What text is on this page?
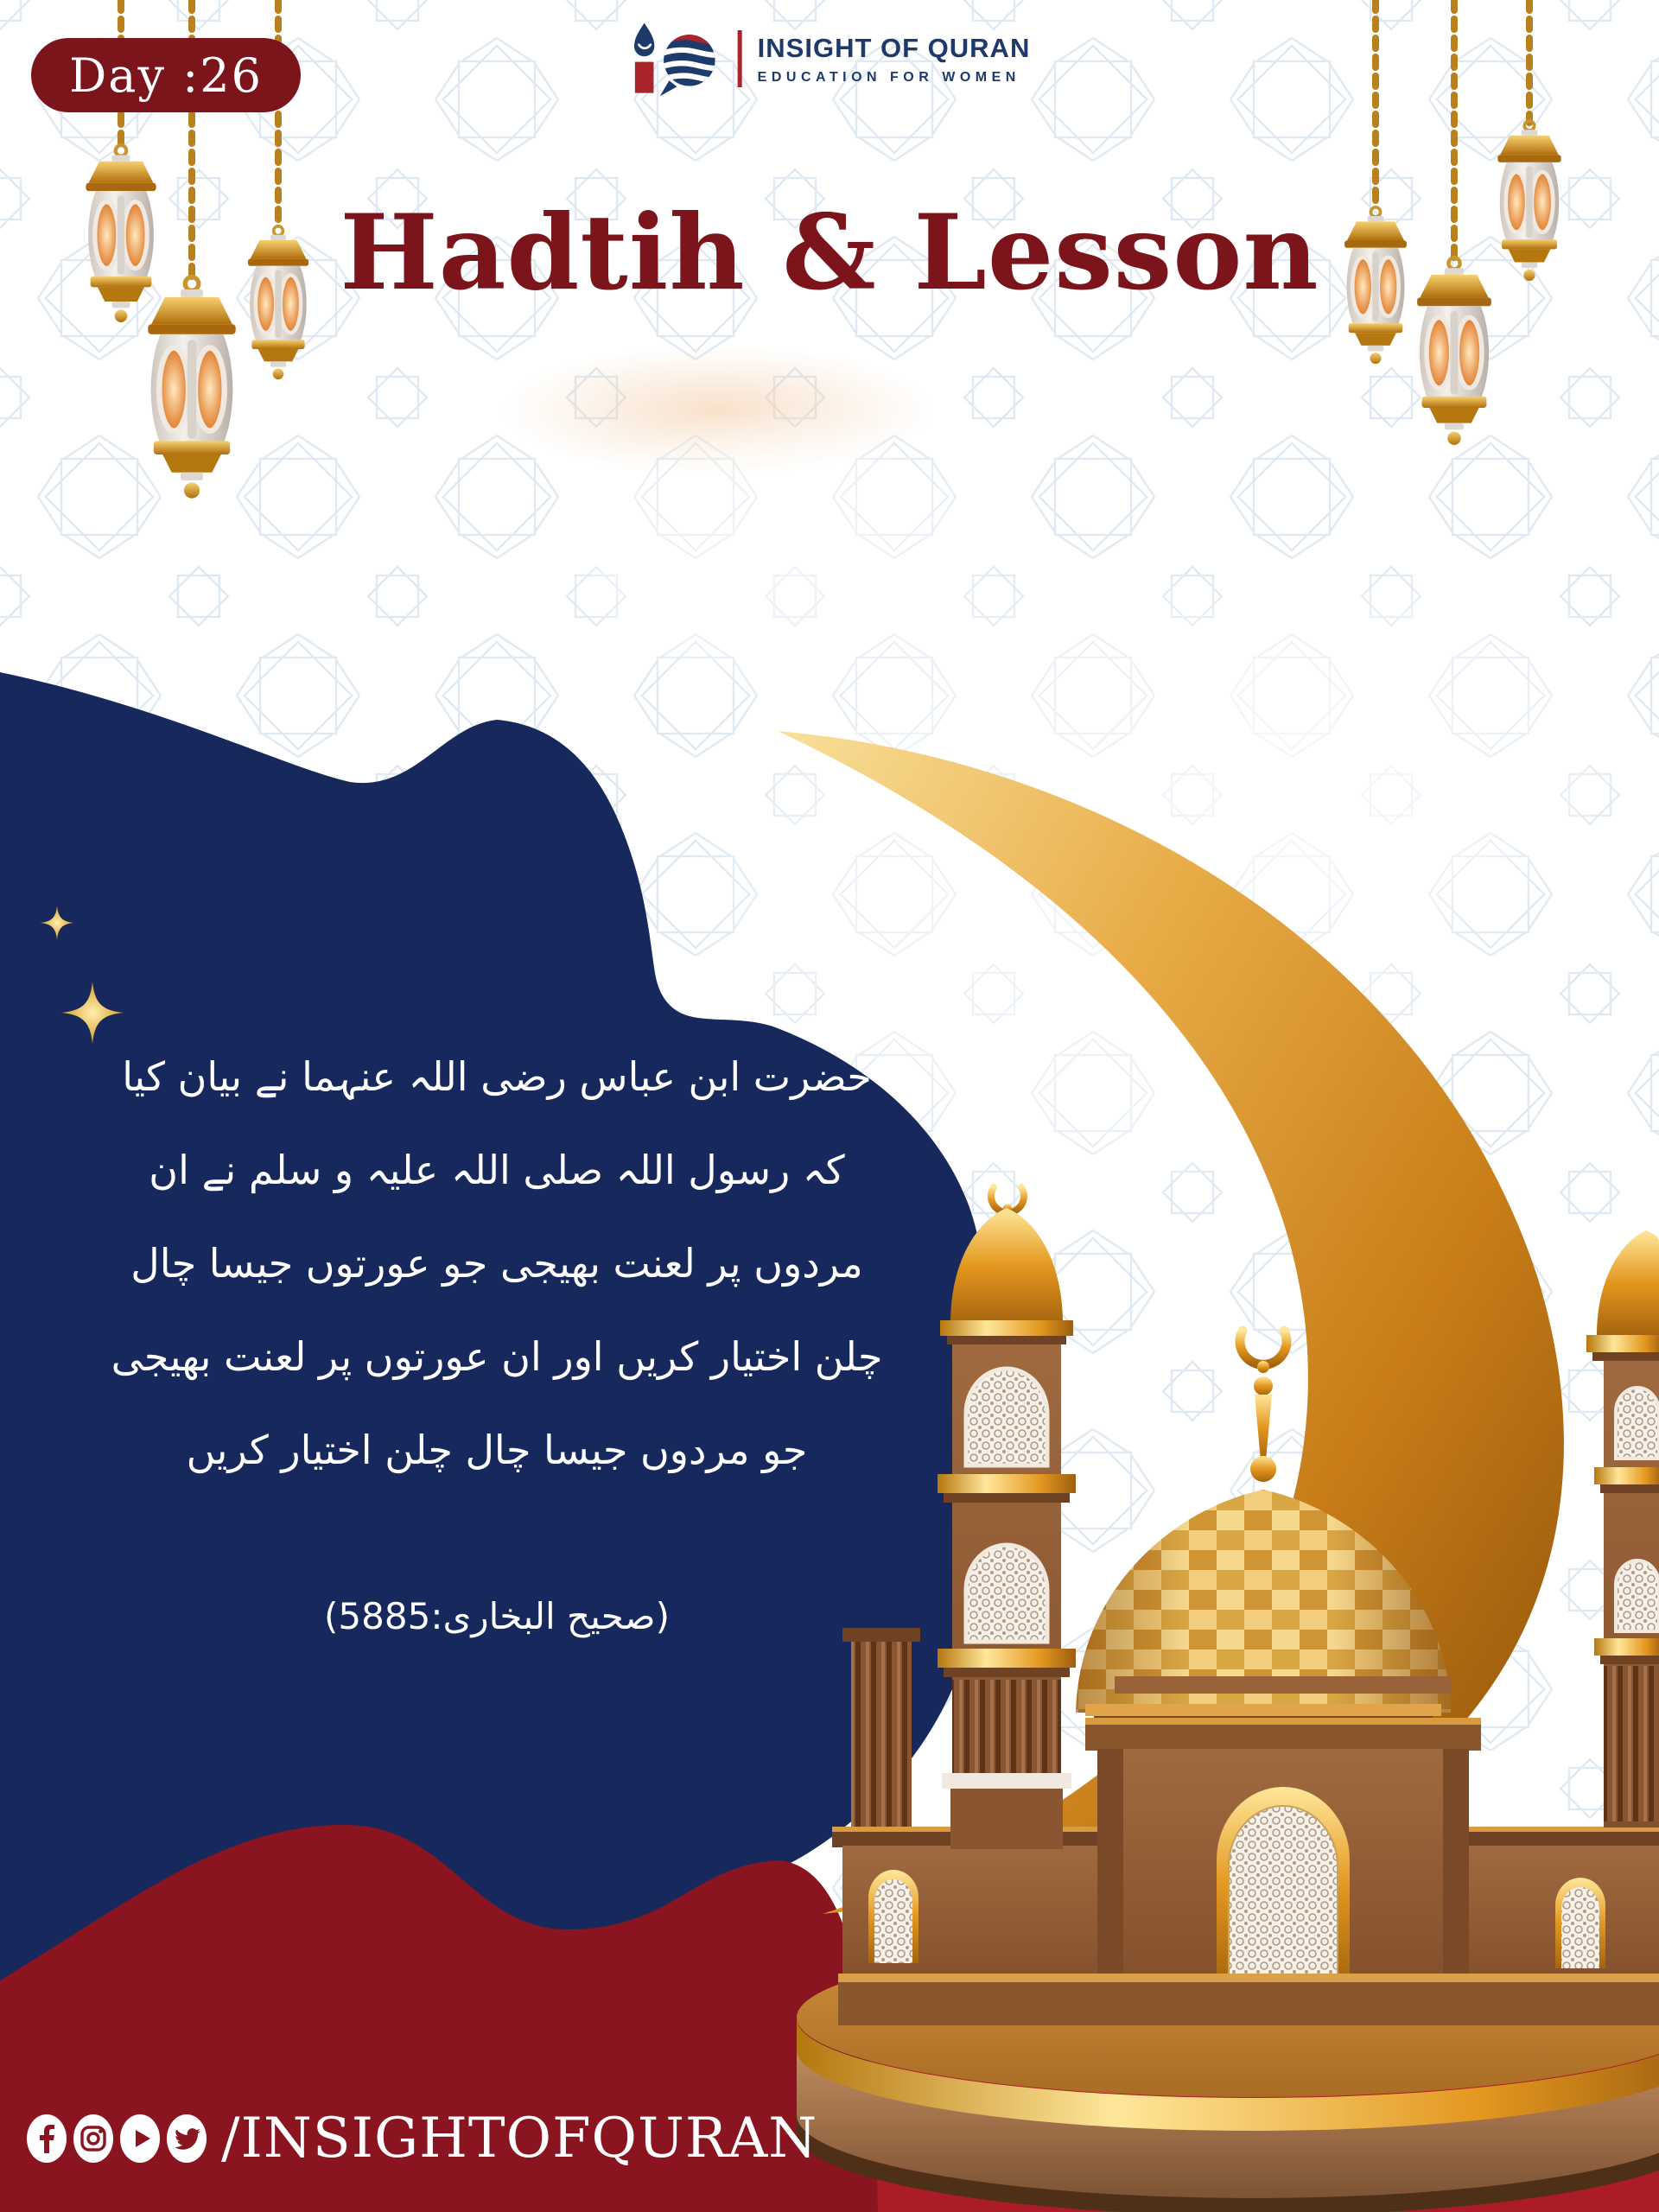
Day :26
INSIGHT OF QURAN
EDUCATION FOR WOMEN
Hadtih & Lesson
حضرت ابن عباس رضی اللہ عنہما نے بیان کیا
کہ رسول اللہ صلی اللہ علیہ و سلم نے ان
مردوں پر لعنت بھیجی جو عورتوں جیسا چال
چلن اختیار کریں اور ان عورتوں پر لعنت بھیجی
جو مردوں جیسا چال چلن اختیار کریں
(صحیح البخاری:5885)
/INSIGHTOFQURAN
